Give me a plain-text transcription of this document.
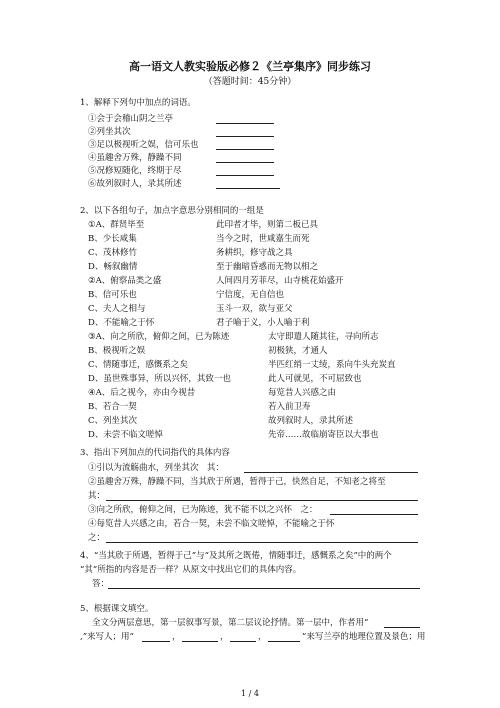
高一语文人教实验版必修２《兰亭集序》同步练习
（答题时间：45分钟）
1、解释下列句中加点的词语。
①会于会稽山阴之兰亭
②列坐其次
③足以极视听之娱，信可乐也
④虽趣舍万殊，静躁不同
⑤况修短随化，终期于尽
⑥故列叙时人，录其所述
2、以下各组句子，加点字意思分别相同的一组是
①A、群贤毕至	此印者才毕，则第二板已具
B、少长咸集	当今之时，世咸嘉生而死
C、茂林修竹	务耕织，修守战之具
D、畅叙幽情	至于幽暗昏惑而无物以相之
②A、俯察品类之盛	人间四月芳菲尽，山寺桃花始盛开
B、信可乐也	宁信度，无自信也
C、夫人之相与	玉斗一双，欲与亚父
D、不能喻之于怀	君子喻于义，小人喻于利
③A、向之所欣，俯仰之间，已为陈迹	太守即遣人随其往，寻向所志
B、极视听之娱	初极狭，才通人
C、情随事迁，感慨系之矣	半匹红绡一丈绫，系向牛头充炭直
D、虽世殊事异，所以兴怀，其致一也	此人可就见，不可屈致也
④A、后之视今，亦由今视昔	每览昔人兴感之由
B、若合一契	若入前卫寿
C、列坐其次	故列叙时人，录其所述
D、未尝不临文嗟悼	先帝……故临崩寄臣以大事也
3、指出下列加点的代词指代的具体内容
①引以为流觞曲水，列坐其次　其：
②虽趣舍万殊，静躁不同，当其欣于所遇，暂得于己，快然自足，不知老之将至
其：
③向之所欣，俯仰之间，已为陈迹，犹不能不以之兴怀　之：
④每览昔人兴感之由，若合一契，未尝不临文嗟悼，不能喻之于怀
之：
4、“当其欣于所遇，暂得于己”与“及其所之既倦，情随事迁，感慨系之矣”中的两个
“其”所指的内容是否一样？从原文中找出它们的具体内容。
答：
5、根据课文填空。
全文分两层意思，第一层叙事写景，第二层议论抒情。第一层中，作者用“
,”来写人；用“	，	，	，	”来写兰亭的地理位置及景色；用
1 / 4
